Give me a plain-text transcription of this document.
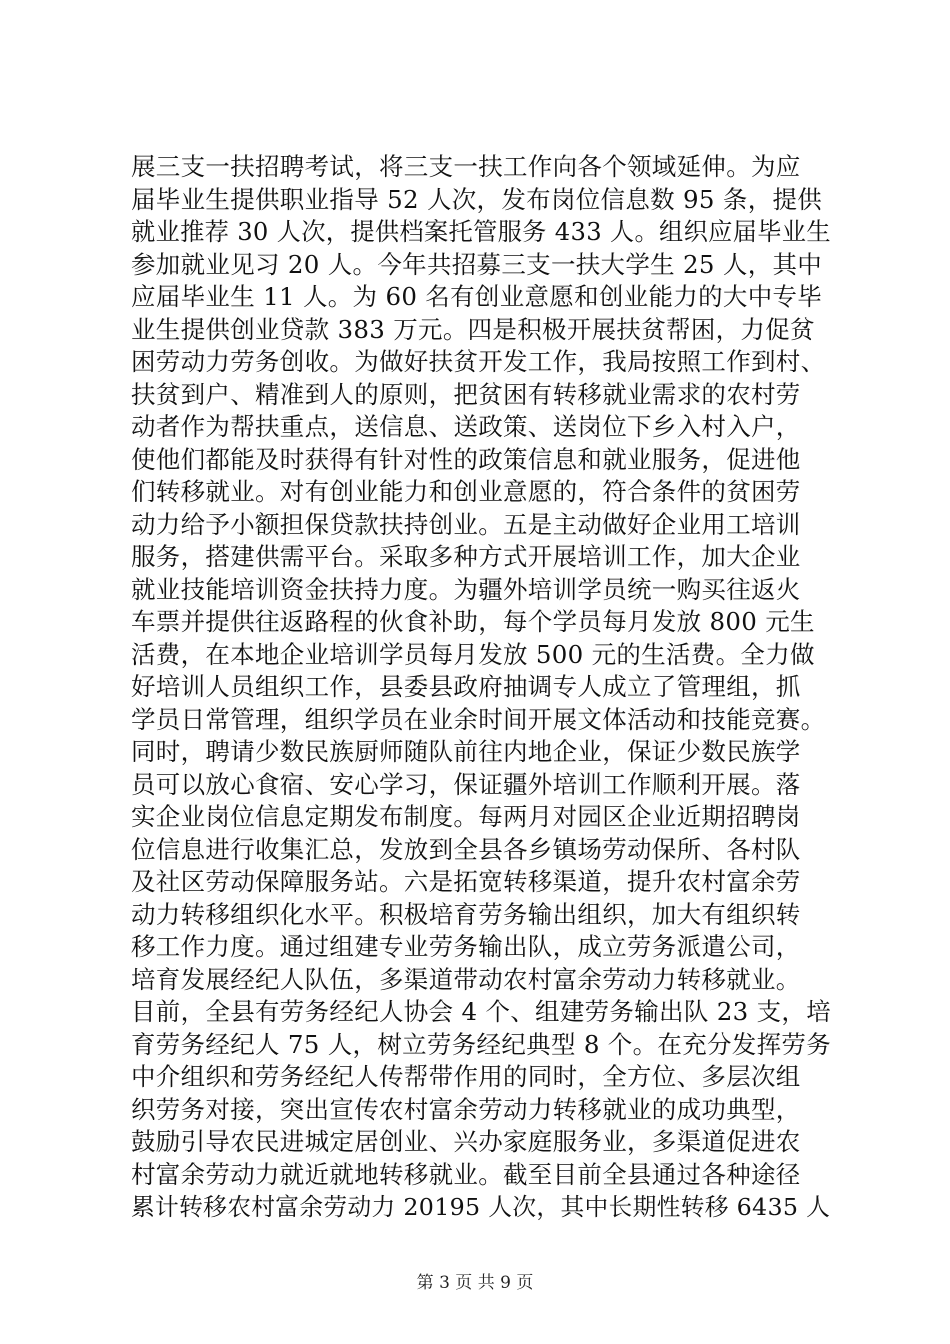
展三支一扶招聘考试，将三支一扶工作向各个领域延伸。为应
届毕业生提供职业指导 52 人次，发布岗位信息数 95 条，提供
就业推荐 30 人次，提供档案托管服务 433 人。组织应届毕业生
参加就业见习 20 人。今年共招募三支一扶大学生 25 人，其中
应届毕业生 11 人。为 60 名有创业意愿和创业能力的大中专毕
业生提供创业贷款 383 万元。四是积极开展扶贫帮困，力促贫
困劳动力劳务创收。为做好扶贫开发工作，我局按照工作到村、
扶贫到户、精准到人的原则，把贫困有转移就业需求的农村劳
动者作为帮扶重点，送信息、送政策、送岗位下乡入村入户，
使他们都能及时获得有针对性的政策信息和就业服务，促进他
们转移就业。对有创业能力和创业意愿的，符合条件的贫困劳
动力给予小额担保贷款扶持创业。五是主动做好企业用工培训
服务，搭建供需平台。采取多种方式开展培训工作，加大企业
就业技能培训资金扶持力度。为疆外培训学员统一购买往返火
车票并提供往返路程的伙食补助，每个学员每月发放 800 元生
活费，在本地企业培训学员每月发放 500 元的生活费。全力做
好培训人员组织工作，县委县政府抽调专人成立了管理组，抓
学员日常管理，组织学员在业余时间开展文体活动和技能竞赛。
同时，聘请少数民族厨师随队前往内地企业，保证少数民族学
员可以放心食宿、安心学习，保证疆外培训工作顺利开展。落
实企业岗位信息定期发布制度。每两月对园区企业近期招聘岗
位信息进行收集汇总，发放到全县各乡镇场劳动保所、各村队
及社区劳动保障服务站。六是拓宽转移渠道，提升农村富余劳
动力转移组织化水平。积极培育劳务输出组织，加大有组织转
移工作力度。通过组建专业劳务输出队，成立劳务派遣公司，
培育发展经纪人队伍，多渠道带动农村富余劳动力转移就业。
目前，全县有劳务经纪人协会 4 个、组建劳务输出队 23 支，培
育劳务经纪人 75 人，树立劳务经纪典型 8 个。在充分发挥劳务
中介组织和劳务经纪人传帮带作用的同时，全方位、多层次组
织劳务对接，突出宣传农村富余劳动力转移就业的成功典型，
鼓励引导农民进城定居创业、兴办家庭服务业，多渠道促进农
村富余劳动力就近就地转移就业。截至目前全县通过各种途径
累计转移农村富余劳动力 20195 人次，其中长期性转移 6435 人
第 3 页 共 9 页
